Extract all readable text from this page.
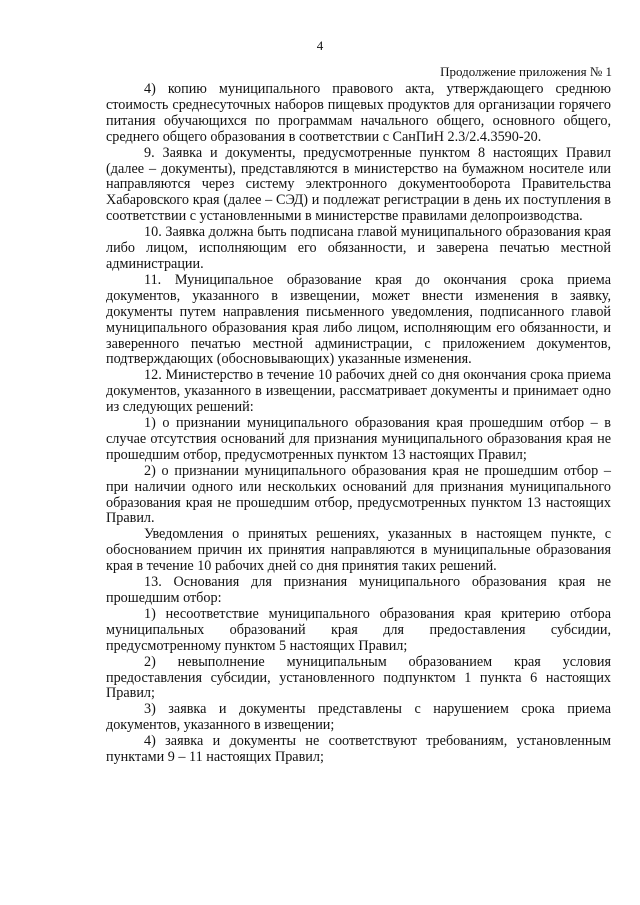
4
Продолжение приложения № 1

4) копию муниципального правового акта, утверждающего среднюю стоимость среднесуточных наборов пищевых продуктов для организации горячего питания обучающихся по программам начального общего, основного общего, среднего общего образования в соответствии с СанПиН 2.3/2.4.3590-20.

9. Заявка и документы, предусмотренные пунктом 8 настоящих Правил (далее – документы), представляются в министерство на бумажном носителе или направляются через систему электронного документооборота Правительства Хабаровского края (далее – СЭД) и подлежат регистрации в день их поступления в соответствии с установленными в министерстве правилами делопроизводства.

10. Заявка должна быть подписана главой муниципального образования края либо лицом, исполняющим его обязанности, и заверена печатью местной администрации.

11. Муниципальное образование края до окончания срока приема документов, указанного в извещении, может внести изменения в заявку, документы путем направления письменного уведомления, подписанного главой муниципального образования края либо лицом, исполняющим его обязанности, и заверенного печатью местной администрации, с приложением документов, подтверждающих (обосновывающих) указанные изменения.

12. Министерство в течение 10 рабочих дней со дня окончания срока приема документов, указанного в извещении, рассматривает документы и принимает одно из следующих решений:

1) о признании муниципального образования края прошедшим отбор – в случае отсутствия оснований для признания муниципального образования края не прошедшим отбор, предусмотренных пунктом 13 настоящих Правил;

2) о признании муниципального образования края не прошедшим отбор – при наличии одного или нескольких оснований для признания муниципального образования края не прошедшим отбор, предусмотренных пунктом 13 настоящих Правил.

Уведомления о принятых решениях, указанных в настоящем пункте, с обоснованием причин их принятия направляются в муниципальные образования края в течение 10 рабочих дней со дня принятия таких решений.

13. Основания для признания муниципального образования края не прошедшим отбор:

1) несоответствие муниципального образования края критерию отбора муниципальных образований края для предоставления субсидии, предусмотренному пунктом 5 настоящих Правил;

2) невыполнение муниципальным образованием края условия предоставления субсидии, установленного подпунктом 1 пункта 6 настоящих Правил;

3) заявка и документы представлены с нарушением срока приема документов, указанного в извещении;

4) заявка и документы не соответствуют требованиям, установленным пунктами 9 – 11 настоящих Правил;
